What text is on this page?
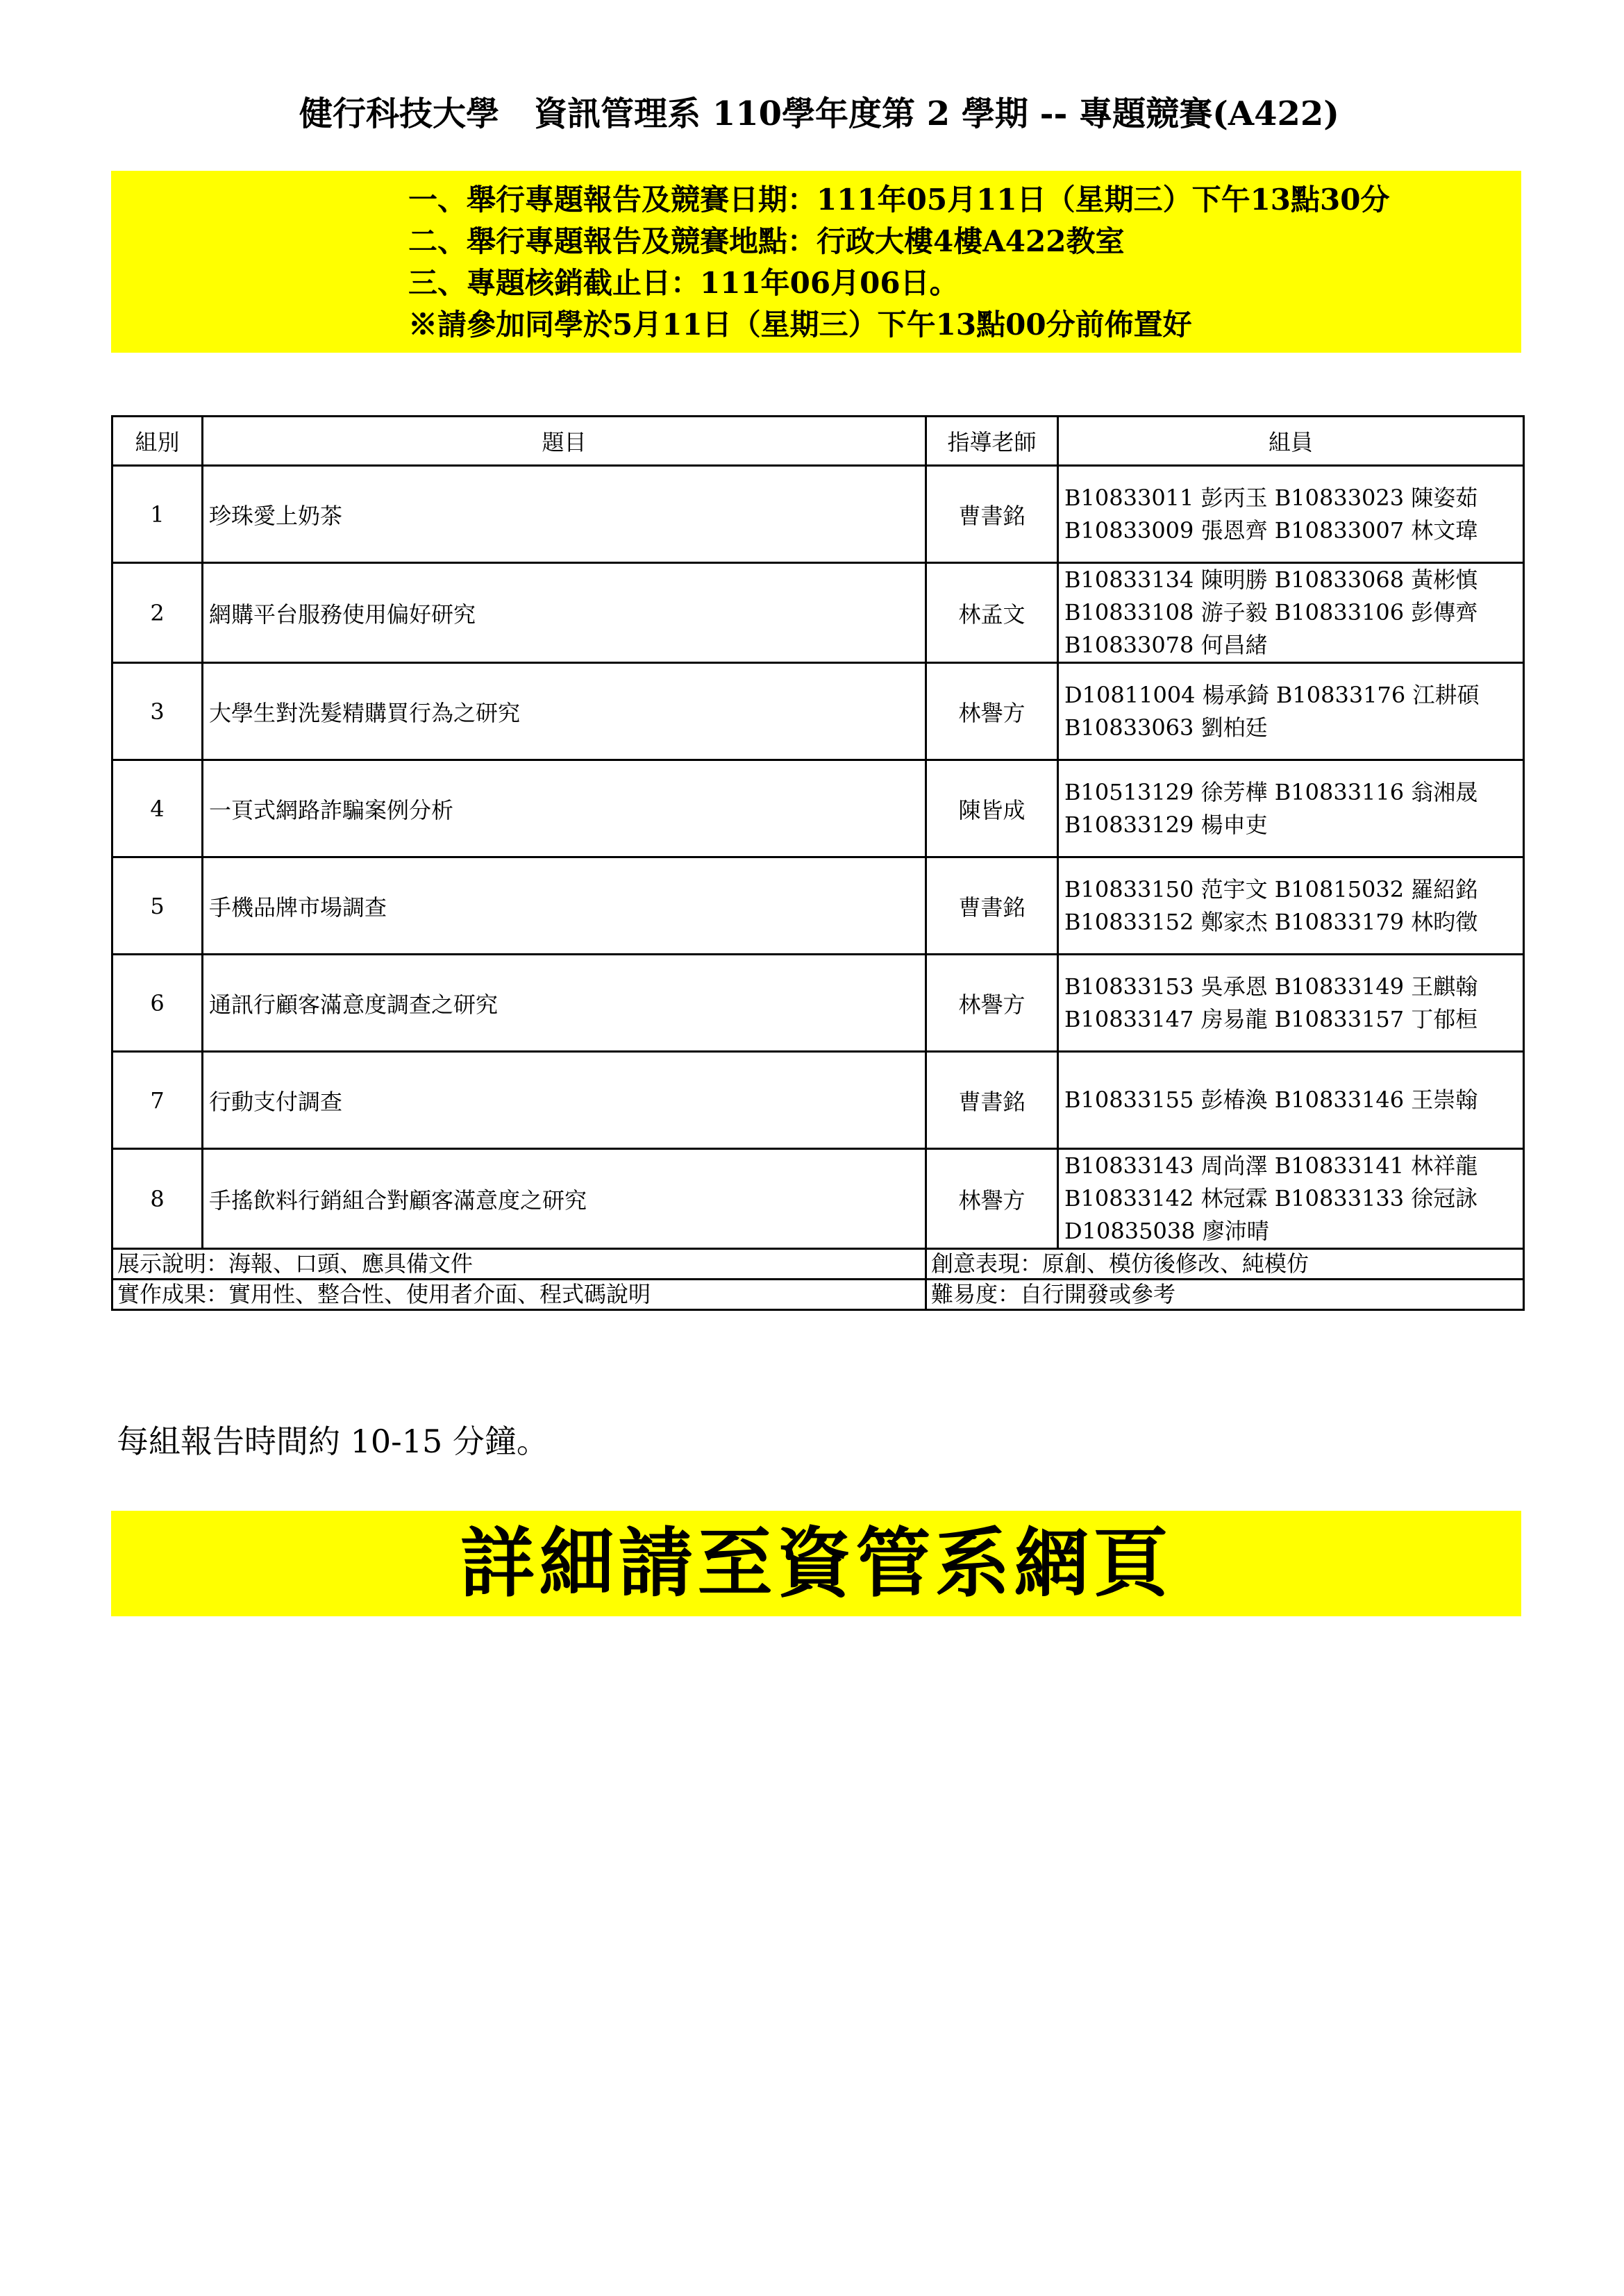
健行科技大學   資訊管理系 110學年度第 2 學期 -- 專題競賽(A422)
一、舉行專題報告及競賽日期：111年05月11日（星期三）下午13點30分
二、舉行專題報告及競賽地點：行政大樓4樓A422教室
三、專題核銷截止日：111年06月06日。
※請參加同學於5月11日（星期三）下午13點00分前佈置好
組別	題目	指導老師	組員
1	珍珠愛上奶茶	曹書銘	B10833011 彭丙玉 B10833023 陳姿茹
B10833009 張恩齊 B10833007 林文瑋
2	網購平台服務使用偏好研究	林孟文	B10833134 陳明勝 B10833068 黃彬慎
B10833108 游子毅 B10833106 彭傳齊
B10833078 何昌緒
3	大學生對洗髮精購買行為之研究	林譽方	D10811004 楊承錡 B10833176 江耕碩
B10833063 劉柏廷
4	一頁式網路詐騙案例分析	陳皆成	B10513129 徐芳樺 B10833116 翁湘晟
B10833129 楊申吏
5	手機品牌市場調查	曹書銘	B10833150 范宇文 B10815032 羅紹銘
B10833152 鄭家杰 B10833179 林昀徵
6	通訊行顧客滿意度調查之研究	林譽方	B10833153 吳承恩 B10833149 王麒翰
B10833147 房易龍 B10833157 丁郁桓
7	行動支付調查	曹書銘	B10833155 彭椿渙 B10833146 王崇翰
8	手搖飲料行銷組合對顧客滿意度之研究	林譽方	B10833143 周尚澤 B10833141 林祥龍
B10833142 林冠霖 B10833133 徐冠詠
D10835038 廖沛晴
展示說明：海報、口頭、應具備文件		創意表現：原創、模仿後修改、純模仿	
實作成果：實用性、整合性、使用者介面、程式碼說明		難易度：自行開發或參考	
每組報告時間約 10-15 分鐘。
詳細請至資管系網頁
